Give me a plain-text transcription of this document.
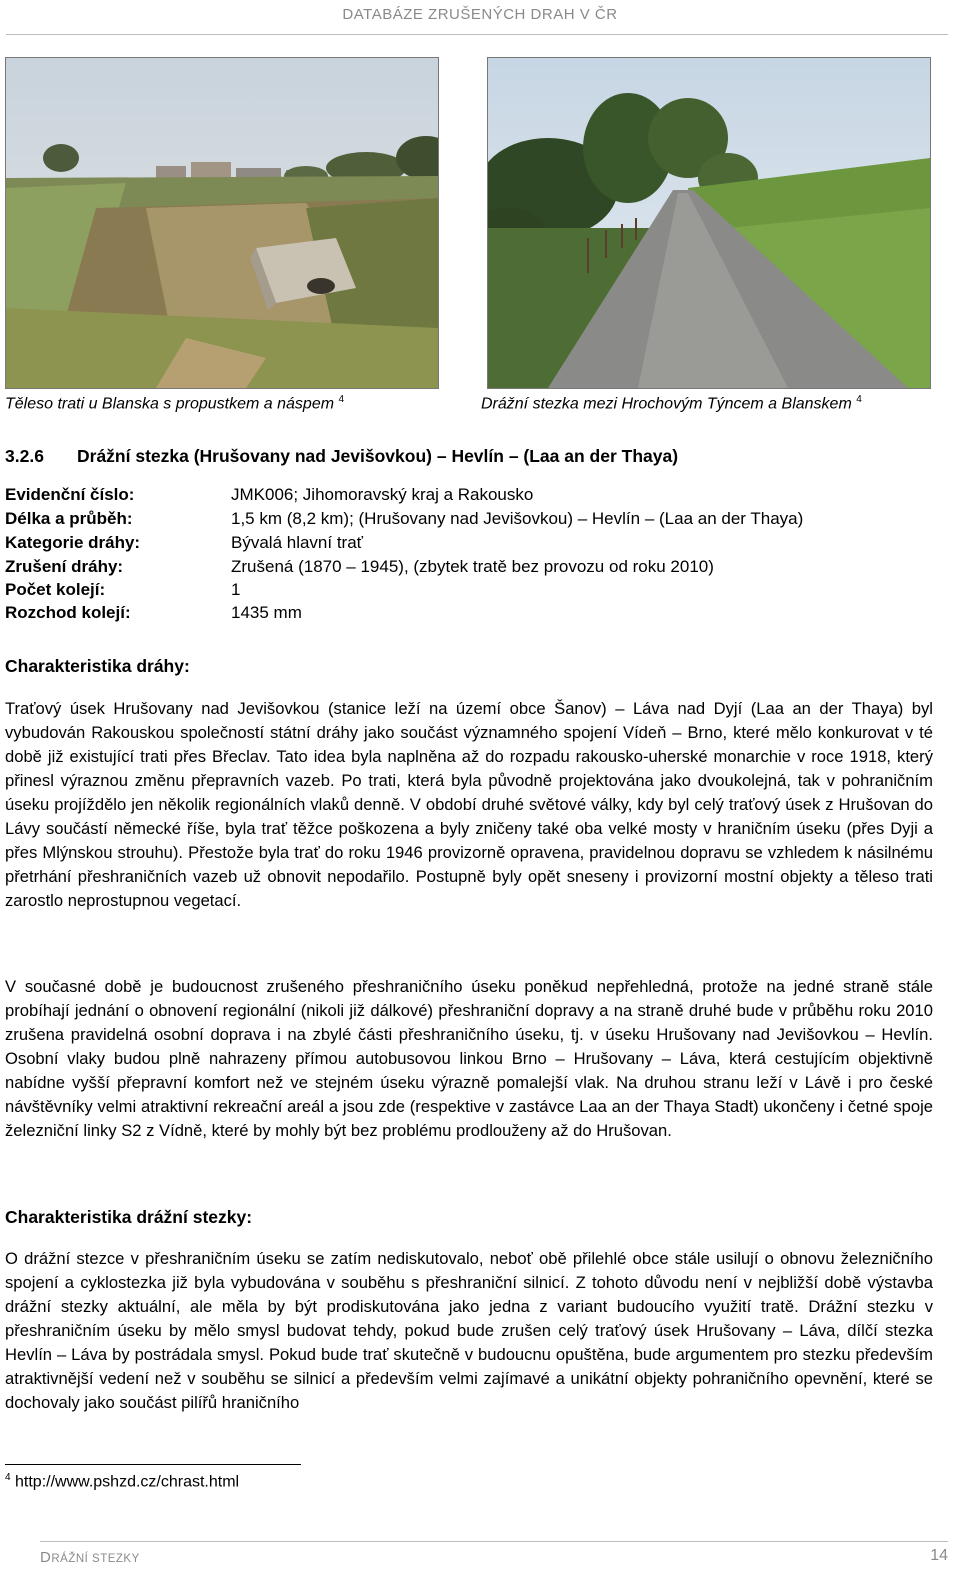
DATABÁZE ZRUŠENÝCH DRAH V ČR
Těleso trati u Blanska s propustkem a náspem $^4$	Drážní stezka mezi Hrochovým Týncem a Blanskem $^4$
3.2.6 Drážní stezka (Hrušovany nad Jevišovkou) – Hevlín – (Laa an der Thaya)
Evidenční číslo:	JMK006; Jihomoravský kraj a Rakousko
Délka a průběh:	1,5 km (8,2 km); (Hrušovany nad Jevišovkou) – Hevlín – (Laa an der Thaya)
Kategorie dráhy:	Bývalá hlavní trať
Zrušení dráhy:	Zrušená (1870 – 1945), (zbytek tratě bez provozu od roku 2010)
Počet kolejí:	1
Rozchod kolejí:	1435 mm
Charakteristika dráhy:

Traťový úsek Hrušovany nad Jevišovkou (stanice leží na území obce Šanov) – Láva nad Dyjí (Laa an der Thaya) byl vybudován Rakouskou společností státní dráhy jako součást významného spojení Vídeň – Brno, které mělo konkurovat v té době již existující trati přes Břeclav. Tato idea byla naplněna až do rozpadu rakousko-uherské monarchie v roce 1918, který přinesl výraznou změnu přepravních vazeb. Po trati, která byla původně projektována jako dvoukolejná, tak v pohraničním úseku projíždělo jen několik regionálních vlaků denně. V období druhé světové války, kdy byl celý traťový úsek z Hrušovan do Lávy součástí německé říše, byla trať těžce poškozena a byly zničeny také oba velké mosty v hraničním úseku (přes Dyji a přes Mlýnskou strouhu). Přestože byla trať do roku 1946 provizorně opravena, pravidelnou dopravu se vzhledem k násilnému přetrhání přeshraničních vazeb už obnovit nepodařilo. Postupně byly opět sneseny i provizorní mostní objekty a těleso trati zarostlo neprostupnou vegetací.

V současné době je budoucnost zrušeného přeshraničního úseku poněkud nepřehledná, protože na jedné straně stále probíhají jednání o obnovení regionální (nikoli již dálkové) přeshraniční dopravy a na straně druhé bude v průběhu roku 2010 zrušena pravidelná osobní doprava i na zbylé části přeshraničního úseku, tj. v úseku Hrušovany nad Jevišovkou – Hevlín. Osobní vlaky budou plně nahrazeny přímou autobusovou linkou Brno – Hrušovany – Láva, která cestujícím objektivně nabídne vyšší přepravní komfort než ve stejném úseku výrazně pomalejší vlak. Na druhou stranu leží v Lávě i pro české návštěvníky velmi atraktivní rekreační areál a jsou zde (respektive v zastávce Laa an der Thaya Stadt) ukončeny i četné spoje železniční linky S2 z Vídně, které by mohly být bez problému prodlouženy až do Hrušovan.

Charakteristika drážní stezky:

O drážní stezce v přeshraničním úseku se zatím nediskutovalo, neboť obě přilehlé obce stále usilují o obnovu železničního spojení a cyklostezka již byla vybudována v souběhu s přeshraniční silnicí. Z tohoto důvodu není v nejbližší době výstavba drážní stezky aktuální, ale měla by být prodiskutována jako jedna z variant budoucího využití tratě. Drážní stezku v přeshraničním úseku by mělo smysl budovat tehdy, pokud bude zrušen celý traťový úsek Hrušovany – Láva, dílčí stezka Hevlín – Láva by postrádala smysl. Pokud bude trať skutečně v budoucnu opuštěna, bude argumentem pro stezku především atraktivnější vedení než v souběhu se silnicí a především velmi zajímavé a unikátní objekty pohraničního opevnění, které se dochovaly jako součást pilířů hraničního

$^4$ http://www.pshzd.cz/chrast.html
DRÁŽNÍ STEZKY	14
